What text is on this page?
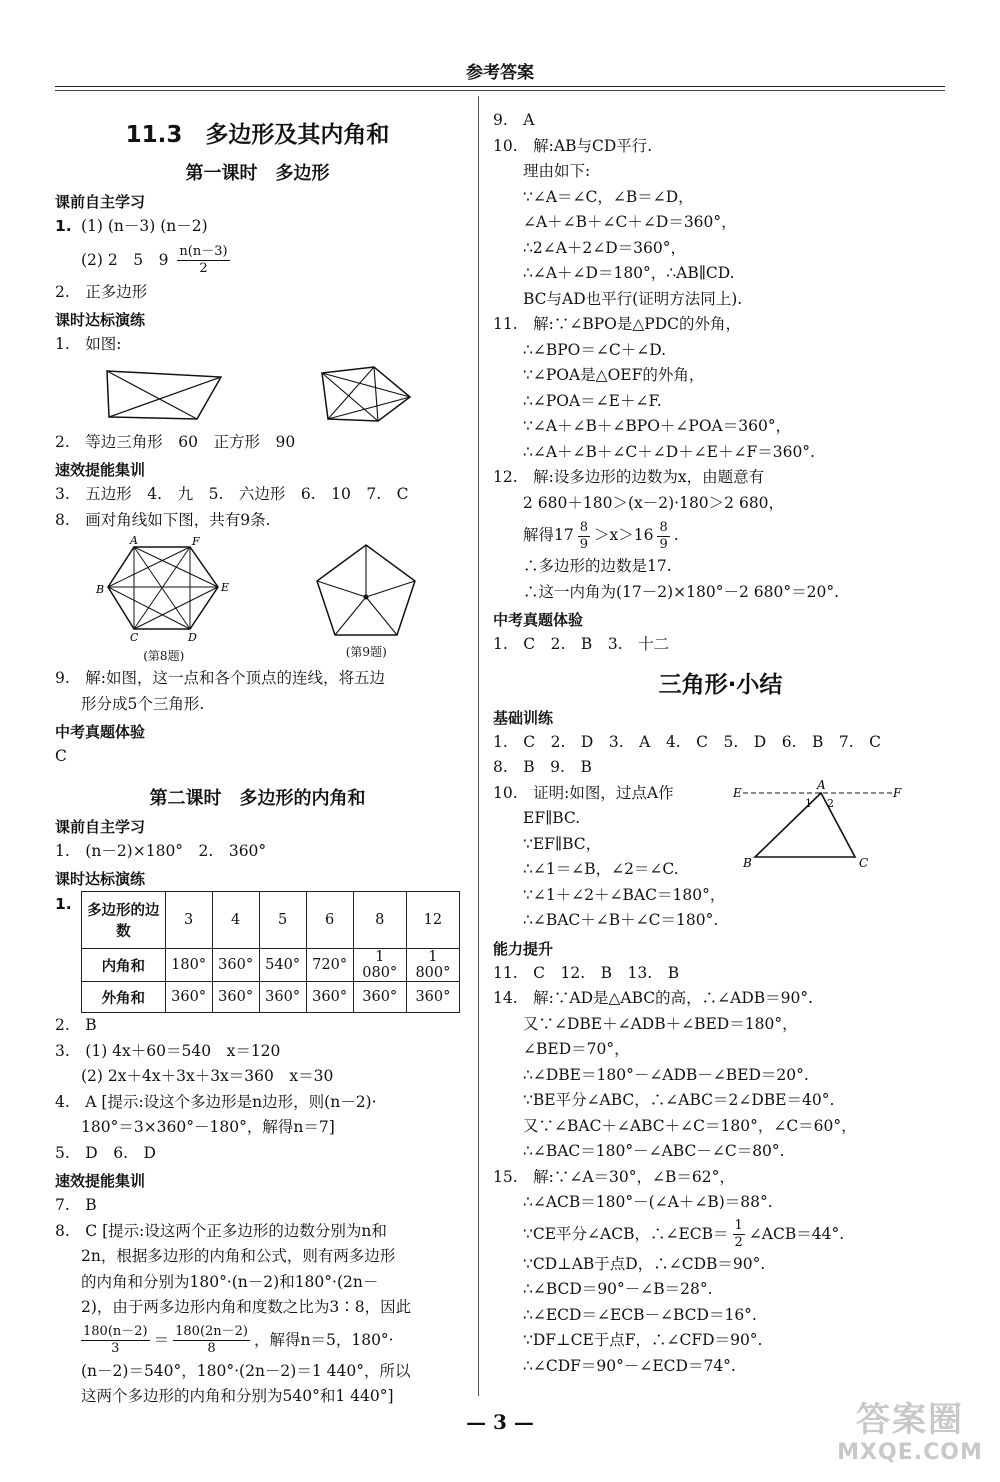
参考答案
11.3　多边形及其内角和
第一课时　多边形
课前自主学习
1. (1) (n－3) (n－2)
(2) 2　5　$9 \frac{n(n-3)}{2}$
2.　正多边形
课时达标演练
1.　如图:
2.　等边三角形　60　正方形　90
速效提能集训
3.　五边形　4.　九　5.　六边形　6.　10　7.　C
8.　画对角线如下图，共有9条.
A	F
B	E
C	D
(第8题)	(第9题)
9.　解:如图，这一点和各个顶点的连线，将五边
形分成5个三角形.
中考真题体验
C
第二课时　多边形的内角和
课前自主学习
1.　(n－2)×180°　2.　360°
课时达标演练
1.	多边形的边数	3	4	5	6	8	12
内角和	180°	360°	540°	720°	1 080°	1 800°
外角和	360°	360°	360°	360°	360°	360°
2.　B
3.　(1) 4x＋60＝540　x＝120
(2) 2x＋4x＋3x＋3x＝360　x＝30
4.　A [提示:设这个多边形是n边形，则(n－2)·
180°＝3×360°－180°，解得n＝7]
5.　D　6.　D
速效提能集训
7.　B
8.　C [提示:设这两个正多边形的边数分别为n和
2n，根据多边形的内角和公式，则有两多边形
的内角和分别为180°·(n－2)和180°·(2n－
2)，由于两多边形内角和度数之比为3∶8，因此
$\frac{180(n-2)}{3} = \frac{180(2n-2)}{8}$ ，解得n＝5，180°·
(n－2)＝540°，180°·(2n－2)＝1 440°，所以
这两个多边形的内角和分别为540°和1 440°]
9.　A
10.　解:AB与CD平行.
理由如下:
∵∠A＝∠C，∠B＝∠D，
∠A＋∠B＋∠C＋∠D＝360°，
∴2∠A＋2∠D＝360°，
∴∠A＋∠D＝180°，∴AB∥CD.
BC与AD也平行(证明方法同上).
11.　解:∵∠BPO是△PDC的外角，
∴∠BPO＝∠C＋∠D.
∵∠POA是△OEF的外角，
∴∠POA＝∠E＋∠F.
∵∠A＋∠B＋∠BPO＋∠POA＝360°，
∴∠A＋∠B＋∠C＋∠D＋∠E＋∠F＝360°.
12.　解:设多边形的边数为x，由题意有
2 680＋180＞(x－2)·180＞2 680，
解得$17 \frac{8}{9} >x>16 \frac{8}{9}$ .
∴多边形的边数是17.
∴这一内角为(17－2)×180°－2 680°＝20°.
中考真题体验
1.　C　2.　B　3.　十二
三角形·小结
基础训练
1.　C　2.　D　3.　A　4.　C　5.　D　6.　B　7.　C
8.　B　9.　B
10.　证明:如图，过点A作
EF∥BC.
∵EF∥BC，
∴∠1＝∠B，∠2＝∠C.
∵∠1＋∠2＋∠BAC＝180°，
∴∠BAC＋∠B＋∠C＝180°.
E
A
F
1 2
B	C
能力提升
11.　C　12.　B　13.　B
14.　解:∵AD是△ABC的高，∴∠ADB＝90°.
又∵∠DBE＋∠ADB＋∠BED＝180°，
∠BED＝70°，
∴∠DBE＝180°－∠ADB－∠BED＝20°.
∵BE平分∠ABC，∴∠ABC＝2∠DBE＝40°.
又∵∠BAC＋∠ABC＋∠C＝180°，∠C＝60°，
∴∠BAC＝180°－∠ABC－∠C＝80°.
15.　解:∵∠A＝30°，∠B＝62°，
∴∠ACB＝180°－(∠A＋∠B)＝88°.
∵CE平分∠ACB，∴∠ECB＝ $\frac{1}{2}$ ∠ACB＝44°.
∵CD⊥AB于点D，∴∠CDB＝90°.
∴∠BCD＝90°－∠B＝28°.
∴∠ECD＝∠ECB－∠BCD＝16°.
∵DF⊥CE于点F，∴∠CFD＝90°.
∴∠CDF＝90°－∠ECD＝74°.
— 3 —	答案圈
MXQE.COM
